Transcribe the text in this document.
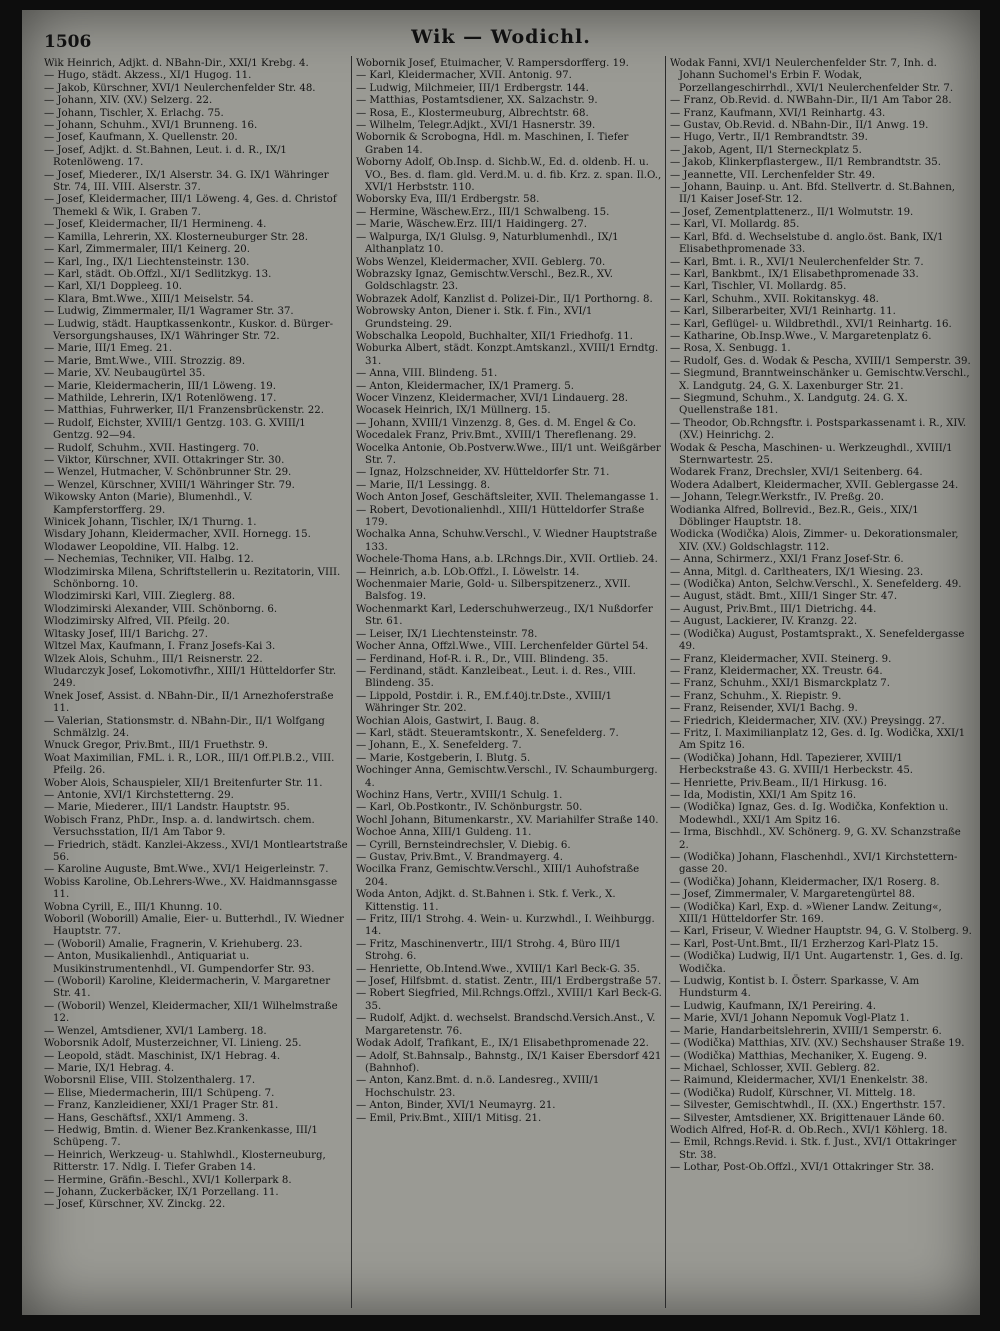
1506	Wik — Wodichl.

Wik Heinrich, Adjkt. d. NBahn-Dir., XXI/1 Krebg. 4.

— Hugo, städt. Akzess., XI/1 Hugog. 11.

— Jakob, Kürschner, XVI/1 Neulerchenfelder Str. 48.

— Johann, XIV. (XV.) Selzerg. 22.

— Johann, Tischler, X. Erlachg. 75.

— Johann, Schuhm., XVI/1 Brunneng. 16.

— Josef, Kaufmann, X. Quellenstr. 20.

— Josef, Adjkt. d. St.Bahnen, Leut. i. d. R., IX/1 Rotenlöweng. 17.

— Josef, Miederer., IX/1 Alserstr. 34. G. IX/1 Währinger Str. 74, III. VIII. Alserstr. 37.

— Josef, Kleidermacher, III/1 Löweng. 4, Ges. d. Christof Themekl & Wik, I. Graben 7.

— Josef, Kleidermacher, II/1 Hermineng. 4.

— Kamilla, Lehrerin, XX. Klosterneuburger Str. 28.

— Karl, Zimmermaler, III/1 Keinerg. 20.

— Karl, Ing., IX/1 Liechtensteinstr. 130.

— Karl, städt. Ob.Offzl., XI/1 Sedlitzkyg. 13.

— Karl, XI/1 Doppleeg. 10.

— Klara, Bmt.Wwe., XIII/1 Meiselstr. 54.

— Ludwig, Zimmermaler, II/1 Wagramer Str. 37.

— Ludwig, städt. Hauptkassenkontr., Kuskor. d. Bürger-Versorgungshauses, IX/1 Währinger Str. 72.

— Marie, III/1 Emeg. 21.

— Marie, Bmt.Wwe., VIII. Strozzig. 89.

— Marie, XV. Neubaugürtel 35.

— Marie, Kleidermacherin, III/1 Löweng. 19.

— Mathilde, Lehrerin, IX/1 Rotenlöweng. 17.

— Matthias, Fuhrwerker, II/1 Franzensbrückenstr. 22.

— Rudolf, Eichster, XVIII/1 Gentzg. 103. G. XVIII/1 Gentzg. 92—94.

— Rudolf, Schuhm., XVII. Hastingerg. 70.

— Viktor, Kürschner, XVII. Ottakringer Str. 30.

— Wenzel, Hutmacher, V. Schönbrunner Str. 29.

— Wenzel, Kürschner, XVIII/1 Währinger Str. 79.

Wikowsky Anton (Marie), Blumenhdl., V. Kampferstorfferg. 29.

Winicek Johann, Tischler, IX/1 Thurng. 1.

Wisdary Johann, Kleidermacher, XVII. Hornegg. 15.

Wlodawer Leopoldine, VII. Halbg. 12.

— Nechemias, Techniker, VII. Halbg. 12.

Wlodzimirska Milena, Schriftstellerin u. Rezitatorin, VIII. Schönborng. 10.

Wlodzimirski Karl, VIII. Zieglerg. 88.

Wlodzimirski Alexander, VIII. Schönborng. 6.

Wlodzimirsky Alfred, VII. Pfeilg. 20.

Wltasky Josef, III/1 Barichg. 27.

Wltzel Max, Kaufmann, I. Franz Josefs-Kai 3.

Wlzek Alois, Schuhm., III/1 Reisnerstr. 22.

Wludarczyk Josef, Lokomotivfhr., XIII/1 Hütteldorfer Str. 249.

Wnek Josef, Assist. d. NBahn-Dir., II/1 Arnezhoferstraße 11.

— Valerian, Stationsmstr. d. NBahn-Dir., II/1 Wolfgang Schmälzlg. 24.

Wnuck Gregor, Priv.Bmt., III/1 Fruethstr. 9.

Woat Maximilian, FML. i. R., LOR., III/1 Off.Pl.B.2., VIII. Pfeilg. 26.

Wober Alois, Schauspieler, XII/1 Breitenfurter Str. 11.

— Antonie, XVI/1 Kirchstetterng. 29.

— Marie, Miederer., III/1 Landstr. Hauptstr. 95.

Wobisch Franz, PhDr., Insp. a. d. landwirtsch. chem. Versuchsstation, II/1 Am Tabor 9.

— Friedrich, städt. Kanzlei-Akzess., XVI/1 Montleartstraße 56.

— Karoline Auguste, Bmt.Wwe., XVI/1 Heigerleinstr. 7.

Wobiss Karoline, Ob.Lehrers-Wwe., XV. Haidmannsgasse 11.

Wobna Cyrill, E., III/1 Khunng. 10.

Woboril (Woborill) Amalie, Eier- u. Butterhdl., IV. Wiedner Hauptstr. 77.

— (Woboril) Amalie, Fragnerin, V. Kriehuberg. 23.

— Anton, Musikalienhdl., Antiquariat u. Musikinstrumentenhdl., VI. Gumpendorfer Str. 93.

— (Woboril) Karoline, Kleidermacherin, V. Margaretner Str. 41.

— (Woboril) Wenzel, Kleidermacher, XII/1 Wilhelmstraße 12.

— Wenzel, Amtsdiener, XVI/1 Lamberg. 18.

Woborsnik Adolf, Musterzeichner, VI. Linieng. 25.

— Leopold, städt. Maschinist, IX/1 Hebrag. 4.

— Marie, IX/1 Hebrag. 4.

Woborsnil Elise, VIII. Stolzenthalerg. 17.

— Elise, Miedermacherin, III/1 Schüpeng. 7.

— Franz, Kanzleidiener, XXI/1 Prager Str. 81.

— Hans, Geschäftsf., XXI/1 Ammeng. 3.

— Hedwig, Bmtin. d. Wiener Bez.Krankenkasse, III/1 Schüpeng. 7.

— Heinrich, Werkzeug- u. Stahlwhdl., Klosterneuburg, Ritterstr. 17. Ndlg. I. Tiefer Graben 14.

— Hermine, Gräfin.-Beschl., XVI/1 Kollerpark 8.

— Johann, Zuckerbäcker, IX/1 Porzellang. 11.

— Josef, Kürschner, XV. Zinckg. 22.

Wobornik Josef, Etuimacher, V. Rampersdorfferg. 19.

— Karl, Kleidermacher, XVII. Antonig. 97.

— Ludwig, Milchmeier, III/1 Erdbergstr. 144.

— Matthias, Postamtsdiener, XX. Salzachstr. 9.

— Rosa, E., Klostermeuburg, Albrechtstr. 68.

— Wilhelm, Telegr.Adjkt., XVI/1 Hasnerstr. 39.

Wobornik & Scrobogna, Hdl. m. Maschinen, I. Tiefer Graben 14.

Woborny Adolf, Ob.Insp. d. Sichb.W., Ed. d. oldenb. H. u. VO., Bes. d. flam. gld. Verd.M. u. d. fib. Krz. z. span. Il.O., XVI/1 Herbststr. 110.

Woborsky Eva, III/1 Erdbergstr. 58.

— Hermine, Wäschew.Erz., III/1 Schwalbeng. 15.

— Marie, Wäschew.Erz. III/1 Haidingerg. 27.

— Walpurga, IX/1 Glulsg. 9, Naturblumenhdl., IX/1 Althanplatz 10.

Wobs Wenzel, Kleidermacher, XVII. Geblerg. 70.

Wobrazsky Ignaz, Gemischtw.Verschl., Bez.R., XV. Goldschlagstr. 23.

Wobrazek Adolf, Kanzlist d. Polizei-Dir., II/1 Porthorng. 8.

Wobrowsky Anton, Diener i. Stk. f. Fin., XVI/1 Grundsteing. 29.

Wobschalka Leopold, Buchhalter, XII/1 Friedhofg. 11.

Woburka Albert, städt. Konzpt.Amtskanzl., XVIII/1 Erndtg. 31.

— Anna, VIII. Blindeng. 51.

— Anton, Kleidermacher, IX/1 Pramerg. 5.

Wocer Vinzenz, Kleidermacher, XVI/1 Lindauerg. 28.

Wocasek Heinrich, IX/1 Müllnerg. 15.

— Johann, XVIII/1 Vinzenzg. 8, Ges. d. M. Engel & Co.

Wocedalek Franz, Priv.Bmt., XVIII/1 Thereflenang. 29.

Wocelka Antonie, Ob.Postverw.Wwe., III/1 unt. Weißgärber Str. 7.

— Ignaz, Holzschneider, XV. Hütteldorfer Str. 71.

— Marie, II/1 Lessingg. 8.

Woch Anton Josef, Geschäftsleiter, XVII. Thelemangasse 1.

— Robert, Devotionalienhdl., XIII/1 Hütteldorfer Straße 179.

Wochalka Anna, Schuhw.Verschl., V. Wiedner Hauptstraße 133.

Wochele-Thoma Hans, a.b. LRchngs.Dir., XVII. Ortlieb. 24.

— Heinrich, a.b. LOb.Offzl., I. Löwelstr. 14.

Wochenmaier Marie, Gold- u. Silberspitzenerz., XVII. Balsfog. 19.

Wochenmarkt Karl, Lederschuhwerzeug., IX/1 Nußdorfer Str. 61.

— Leiser, IX/1 Liechtensteinstr. 78.

Wocher Anna, Offzl.Wwe., VIII. Lerchenfelder Gürtel 54.

— Ferdinand, Hof-R. i. R., Dr., VIII. Blindeng. 35.

— Ferdinand, städt. Kanzleibeat., Leut. i. d. Res., VIII. Blindeng. 35.

— Lippold, Postdir. i. R., EM.f.40j.tr.Dste., XVIII/1 Währinger Str. 202.

Wochian Alois, Gastwirt, I. Baug. 8.

— Karl, städt. Steueramtskontr., X. Senefelderg. 7.

— Johann, E., X. Senefelderg. 7.

— Marie, Kostgeberin, I. Blutg. 5.

Wochinger Anna, Gemischtw.Verschl., IV. Schaumburgerg. 4.

Wochinz Hans, Vertr., XVIII/1 Schulg. 1.

— Karl, Ob.Postkontr., IV. Schönburgstr. 50.

Wochl Johann, Bitumenkarstr., XV. Mariahilfer Straße 140.

Wochoe Anna, XIII/1 Guldeng. 11.

— Cyrill, Bernsteindrechsler, V. Diebig. 6.

— Gustav, Priv.Bmt., V. Brandmayerg. 4.

Wocilka Franz, Gemischtw.Verschl., XIII/1 Auhofstraße 204.

Woda Anton, Adjkt. d. St.Bahnen i. Stk. f. Verk., X. Kittenstig. 11.

— Fritz, III/1 Strohg. 4. Wein- u. Kurzwhdl., I. Weihburgg. 14.

— Fritz, Maschinenvertr., III/1 Strohg. 4, Büro III/1 Strohg. 6.

— Henriette, Ob.Intend.Wwe., XVIII/1 Karl Beck-G. 35.

— Josef, Hilfsbmt. d. statist. Zentr., III/1 Erdbergstraße 57.

— Robert Siegfried, Mil.Rchngs.Offzl., XVIII/1 Karl Beck-G. 35.

— Rudolf, Adjkt. d. wechselst. Brandschd.Versich.Anst., V. Margaretenstr. 76.

Wodak Adolf, Trafikant, E., IX/1 Elisabethpromenade 22.

— Adolf, St.Bahnsalp., Bahnstg., IX/1 Kaiser Ebersdorf 421 (Bahnhof).

— Anton, Kanz.Bmt. d. n.ö. Landesreg., XVIII/1 Hochschulstr. 23.

— Anton, Binder, XVI/1 Neumayrg. 21.

— Emil, Priv.Bmt., XIII/1 Mitisg. 21.

Wodak Fanni, XVI/1 Neulerchenfelder Str. 7, Inh. d. Johann Suchomel's Erbin F. Wodak, Porzellangeschirrhdl., XVI/1 Neulerchenfelder Str. 7.

— Franz, Ob.Revid. d. NWBahn-Dir., II/1 Am Tabor 28.

— Franz, Kaufmann, XVI/1 Reinhartg. 43.

— Gustav, Ob.Revid. d. NBahn-Dir., II/1 Anwg. 19.

— Hugo, Vertr., II/1 Rembrandtstr. 39.

— Jakob, Agent, II/1 Sterneckplatz 5.

— Jakob, Klinkerpflastergew., II/1 Rembrandtstr. 35.

— Jeannette, VII. Lerchenfelder Str. 49.

— Johann, Bauinp. u. Ant. Bfd. Stellvertr. d. St.Bahnen, II/1 Kaiser Josef-Str. 12.

— Josef, Zementplattenerz., II/1 Wolmutstr. 19.

— Karl, VI. Mollardg. 85.

— Karl, Bfd. d. Wechselstube d. anglo.öst. Bank, IX/1 Elisabethpromenade 33.

— Karl, Bmt. i. R., XVI/1 Neulerchenfelder Str. 7.

— Karl, Bankbmt., IX/1 Elisabethpromenade 33.

— Karl, Tischler, VI. Mollardg. 85.

— Karl, Schuhm., XVII. Rokitanskyg. 48.

— Karl, Silberarbeiter, XVI/1 Reinhartg. 11.

— Karl, Geflügel- u. Wildbrethdl., XVI/1 Reinhartg. 16.

— Katharine, Ob.Insp.Wwe., V. Margaretenplatz 6.

— Rosa, X. Senbugg. 1.

— Rudolf, Ges. d. Wodak & Pescha, XVIII/1 Semperstr. 39.

— Siegmund, Branntweinschänker u. Gemischtw.Verschl., X. Landgutg. 24, G. X. Laxenburger Str. 21.

— Siegmund, Schuhm., X. Landgutg. 24. G. X. Quellenstraße 181.

— Theodor, Ob.Rchngsftr. i. Postsparkassenamt i. R., XIV. (XV.) Heinrichg. 2.

Wodak & Pescha, Maschinen- u. Werkzeughdl., XVIII/1 Sternwartestr. 25.

Wodarek Franz, Drechsler, XVI/1 Seitenberg. 64.

Wodera Adalbert, Kleidermacher, XVII. Geblergasse 24.

— Johann, Telegr.Werkstfr., IV. Preßg. 20.

Wodianka Alfred, Bollrevid., Bez.R., Geis., XIX/1 Döblinger Hauptstr. 18.

Wodicka (Wodička) Alois, Zimmer- u. Dekorationsmaler, XIV. (XV.) Goldschlagstr. 112.

— Anna, Schirmerz., XXI/1 Franz Josef-Str. 6.

— Anna, Mitgl. d. Carltheaters, IX/1 Wiesing. 23.

— (Wodička) Anton, Selchw.Verschl., X. Senefelderg. 49.

— August, städt. Bmt., XIII/1 Singer Str. 47.

— August, Priv.Bmt., III/1 Dietrichg. 44.

— August, Lackierer, IV. Kranzg. 22.

— (Wodička) August, Postamtsprakt., X. Senefeldergasse 49.

— Franz, Kleidermacher, XVII. Steinerg. 9.

— Franz, Kleidermacher, XX. Treustr. 64.

— Franz, Schuhm., XXI/1 Bismarckplatz 7.

— Franz, Schuhm., X. Riepistr. 9.

— Franz, Reisender, XVI/1 Bachg. 9.

— Friedrich, Kleidermacher, XIV. (XV.) Preysingg. 27.

— Fritz, I. Maximilianplatz 12, Ges. d. Ig. Wodička, XXI/1 Am Spitz 16.

— (Wodička) Johann, Hdl. Tapezierer, XVIII/1 Herbeckstraße 43. G. XVIII/1 Herbeckstr. 45.

— Henriette, Priv.Beam., II/1 Hirkusg. 16.

— Ida, Modistin, XXI/1 Am Spitz 16.

— (Wodička) Ignaz, Ges. d. Ig. Wodička, Konfektion u. Modewhdl., XXI/1 Am Spitz 16.

— Irma, Bischhdl., XV. Schönerg. 9, G. XV. Schanzstraße 2.

— (Wodička) Johann, Flaschenhdl., XVI/1 Kirchstettern-gasse 20.

— (Wodička) Johann, Kleidermacher, IX/1 Roserg. 8.

— Josef, Zimmermaler, V. Margaretengürtel 88.

— (Wodička) Karl, Exp. d. »Wiener Landw. Zeitung«, XIII/1 Hütteldorfer Str. 169.

— Karl, Friseur, V. Wiedner Hauptstr. 94, G. V. Stolberg. 9.

— Karl, Post-Unt.Bmt., II/1 Erzherzog Karl-Platz 15.

— (Wodička) Ludwig, II/1 Unt. Augartenstr. 1, Ges. d. Ig. Wodička.

— Ludwig, Kontist b. I. Österr. Sparkasse, V. Am Hundsturm 4.

— Ludwig, Kaufmann, IX/1 Pereiring. 4.

— Marie, XVI/1 Johann Nepomuk Vogl-Platz 1.

— Marie, Handarbeitslehrerin, XVIII/1 Semperstr. 6.

— (Wodička) Matthias, XIV. (XV.) Sechshauser Straße 19.

— (Wodička) Matthias, Mechaniker, X. Eugeng. 9.

— Michael, Schlosser, XVII. Geblerg. 82.

— Raimund, Kleidermacher, XVI/1 Enenkelstr. 38.

— (Wodička) Rudolf, Kürschner, VI. Mittelg. 18.

— Silvester, Gemischtwhdl., II. (XX.) Engerthstr. 157.

— Silvester, Amtsdiener, XX. Brigittenauer Lände 60.

Wodich Alfred, Hof-R. d. Ob.Rech., XVI/1 Köhlerg. 18.

— Emil, Rchngs.Revid. i. Stk. f. Just., XVI/1 Ottakringer Str. 38.

— Lothar, Post-Ob.Offzl., XVI/1 Ottakringer Str. 38.
